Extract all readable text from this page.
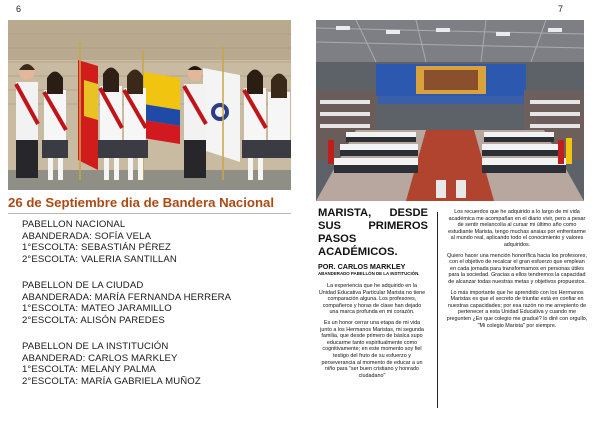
6	7
26 de Septiembre dia de Bandera Nacional
PABELLON NACIONAL
ABANDERADA: SOFÍA VELA
1°ESCOLTA: SEBASTIÁN PÉREZ
2°ESCOLTA: VALERIA SANTILLAN
PABELLON DE LA CIUDAD
ABANDERADA: MARÍA FERNANDA HERRERA
1°ESCOLTA: MATEO JARAMILLO
2°ESCOLTA: ALISÓN PAREDES
PABELLON DE LA INSTITUCIÓN
ABANDERAD: CARLOS MARKLEY
1°ESCOLTA: MELANY PALMA
2°ESCOLTA: MARÍA GABRIELA MUÑOZ
MARISTA, DESDE SUS PRIMEROS PASOS ACADÉMICOS.
POR. CARLOS MARKLEY
ABANDERADO PABELLÓN DE LA INSTITUCIÓN.

La experiencia que he adquirido en la Unidad Educativa Particular Marista no tiene comparación alguna. Los profesores, compañeros y horas de clase han dejado una marca profunda en mi corazón.

Es un honor cerrar una etapa de mi vida junto a los Hermanos Maristas, mi segunda familia, que desde primero de básica supo educarme tanto espiritualmente como cognitivamente; en este momento soy fiel testigo del fruto de su esfuerzo y perseverancia al momento de educar a un niño para "ser buen cristiano y honrado ciudadano"

Los recuerdos que he adquirido a lo largo de mi vida académica me acompañan en el diario vivir, pero a pesar de sentir melancolía al cursar mi último año como estudiante Marista, tengo muchas ansias por enfrentarme al mundo real, aplicando todo el conocimiento y valores adquiridos.

Quiero hacer una mención honorífica hacia los profesores, con el objetivo de recalcar el gran esfuerzo que emplean en cada jornada para transformarnos en personas útiles para la sociedad. Gracias a ellos tendremos la capacidad de alcanzar todas nuestras metas y objetivos propuestos.

Lo más importante que he aprendido con los Hermanos Maristas es que el secreto de triunfar está en confiar en nuestras capacidades; por esa razón no me arrepiento de pertenecer a esta Unidad Educativa y cuando me pregunten ¿En que colegio me gradué? lo diré con orgullo, "Mi colegio Marista" por siempre.
